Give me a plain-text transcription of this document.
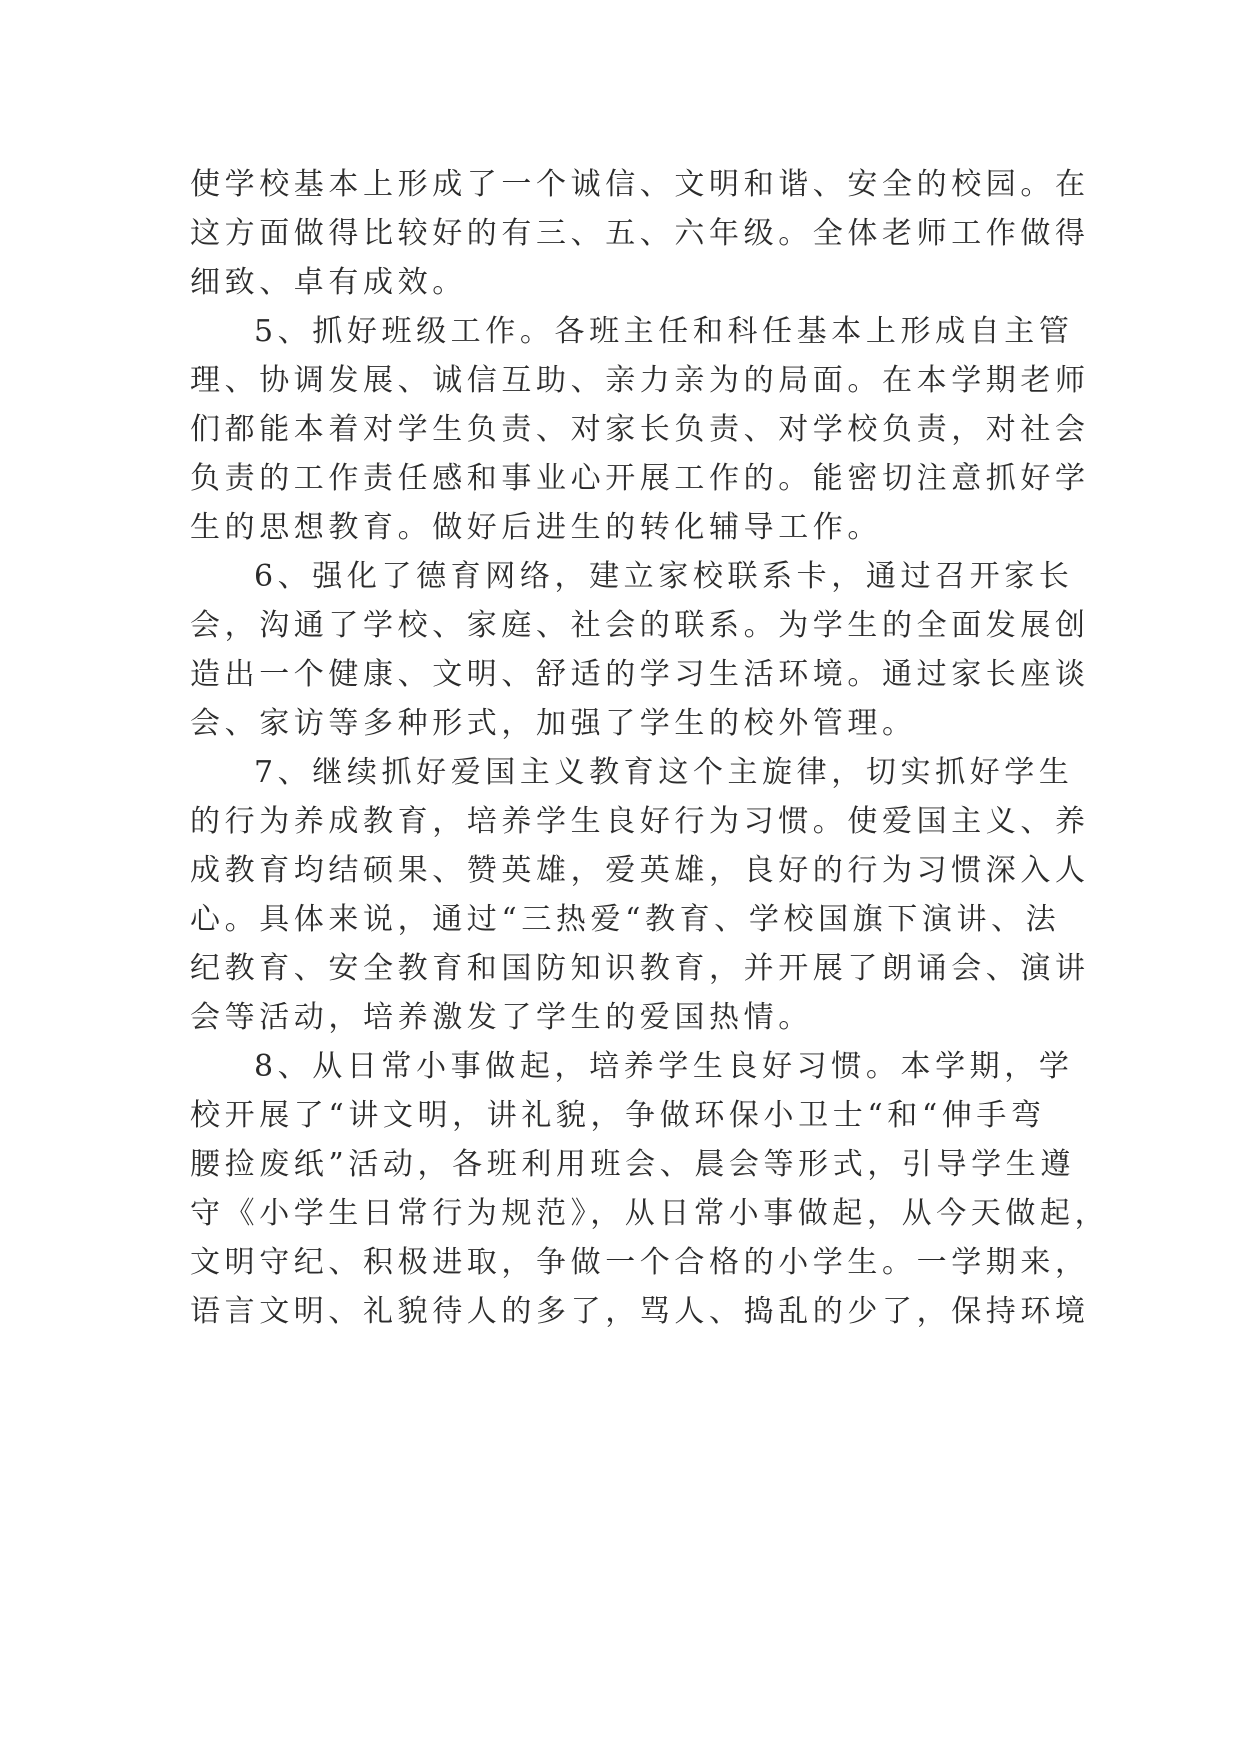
使学校基本上形成了一个诚信、文明和谐、安全的校园。在
这方面做得比较好的有三、五、六年级。全体老师工作做得
细致、卓有成效。
5、抓好班级工作。各班主任和科任基本上形成自主管
理、协调发展、诚信互助、亲力亲为的局面。在本学期老师
们都能本着对学生负责、对家长负责、对学校负责，对社会
负责的工作责任感和事业心开展工作的。能密切注意抓好学
生的思想教育。做好后进生的转化辅导工作。
6、强化了德育网络，建立家校联系卡，通过召开家长
会，沟通了学校、家庭、社会的联系。为学生的全面发展创
造出一个健康、文明、舒适的学习生活环境。通过家长座谈
会、家访等多种形式，加强了学生的校外管理。
7、继续抓好爱国主义教育这个主旋律，切实抓好学生
的行为养成教育，培养学生良好行为习惯。使爱国主义、养
成教育均结硕果、赞英雄，爱英雄，良好的行为习惯深入人
心。具体来说，通过“三热爱“教育、学校国旗下演讲、法
纪教育、安全教育和国防知识教育，并开展了朗诵会、演讲
会等活动，培养激发了学生的爱国热情。
8、从日常小事做起，培养学生良好习惯。本学期，学
校开展了“讲文明，讲礼貌，争做环保小卫士“和“伸手弯
腰捡废纸”活动，各班利用班会、晨会等形式，引导学生遵
守《小学生日常行为规范》，从日常小事做起，从今天做起，
文明守纪、积极进取，争做一个合格的小学生。一学期来，
语言文明、礼貌待人的多了，骂人、捣乱的少了，保持环境
